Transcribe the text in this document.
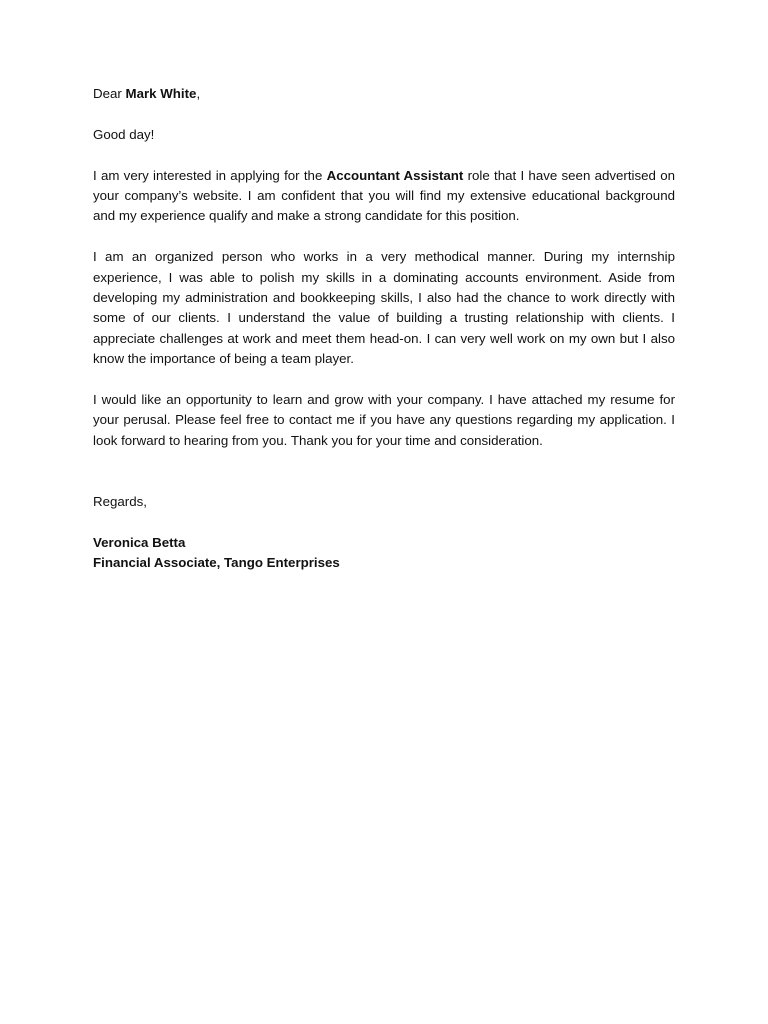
Dear Mark White,

Good day!

I am very interested in applying for the Accountant Assistant role that I have seen advertised on your company’s website. I am confident that you will find my extensive educational background and my experience qualify and make a strong candidate for this position.

I am an organized person who works in a very methodical manner. During my internship experience, I was able to polish my skills in a dominating accounts environment. Aside from developing my administration and bookkeeping skills, I also had the chance to work directly with some of our clients. I understand the value of building a trusting relationship with clients. I appreciate challenges at work and meet them head-on. I can very well work on my own but I also know the importance of being a team player.

I would like an opportunity to learn and grow with your company. I have attached my resume for your perusal. Please feel free to contact me if you have any questions regarding my application. I look forward to hearing from you. Thank you for your time and consideration.

Regards,

Veronica Betta
Financial Associate, Tango Enterprises
